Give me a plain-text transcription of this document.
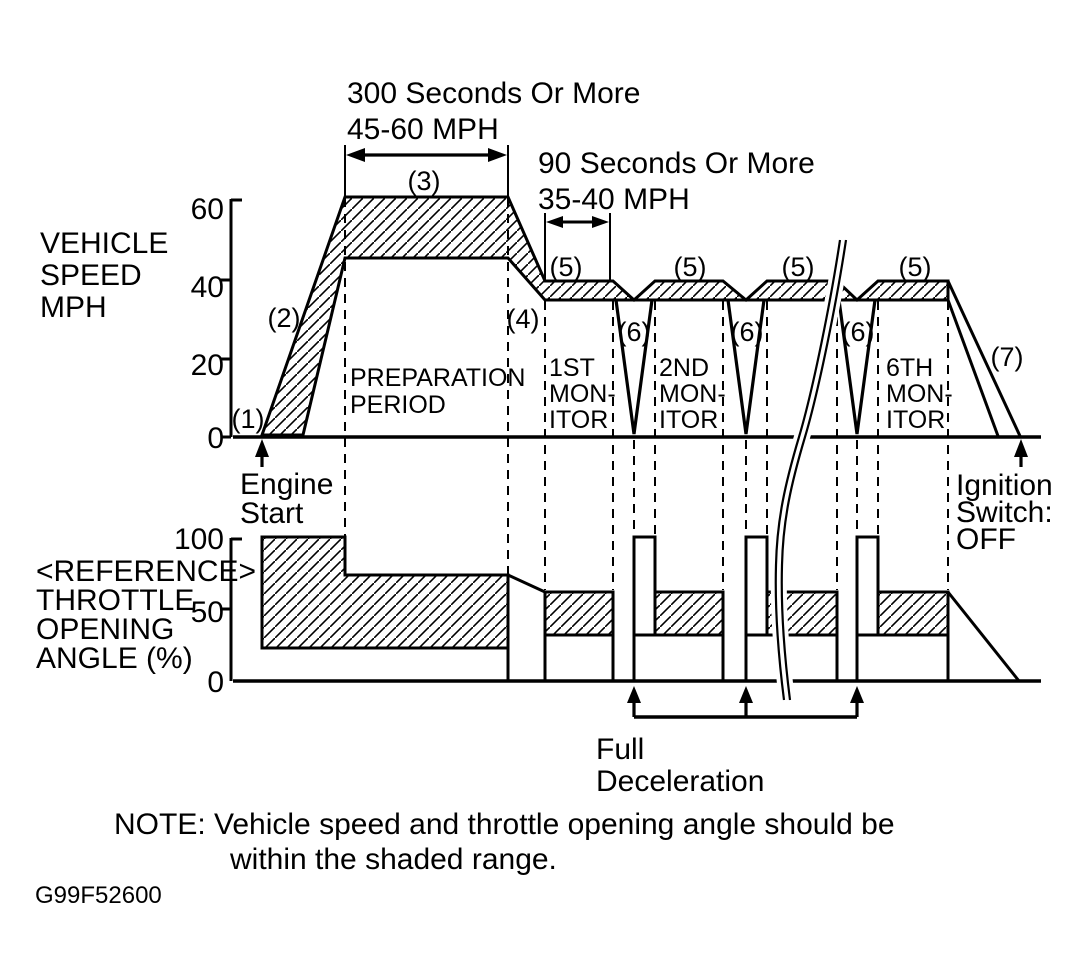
300 Seconds Or More
45-60 MPH
90 Seconds Or More
35-40 MPH
VEHICLE
SPEED
MPH
60
40
20
0
(1)
(2)
(3)
(4)
(5)	(5)	(5)	(5)
(6)	(6)	(6)
(7)
PREPARATION
PERIOD
1ST
MON-
ITOR
2ND
MON-
ITOR
6TH
MON-
ITOR
Engine
Start
Ignition
Switch:
OFF
<REFERENCE>
THROTTLE
OPENING
ANGLE (%)
100
50
0
Full
Deceleration
NOTE: Vehicle speed and throttle opening angle should be
within the shaded range.
G99F52600
